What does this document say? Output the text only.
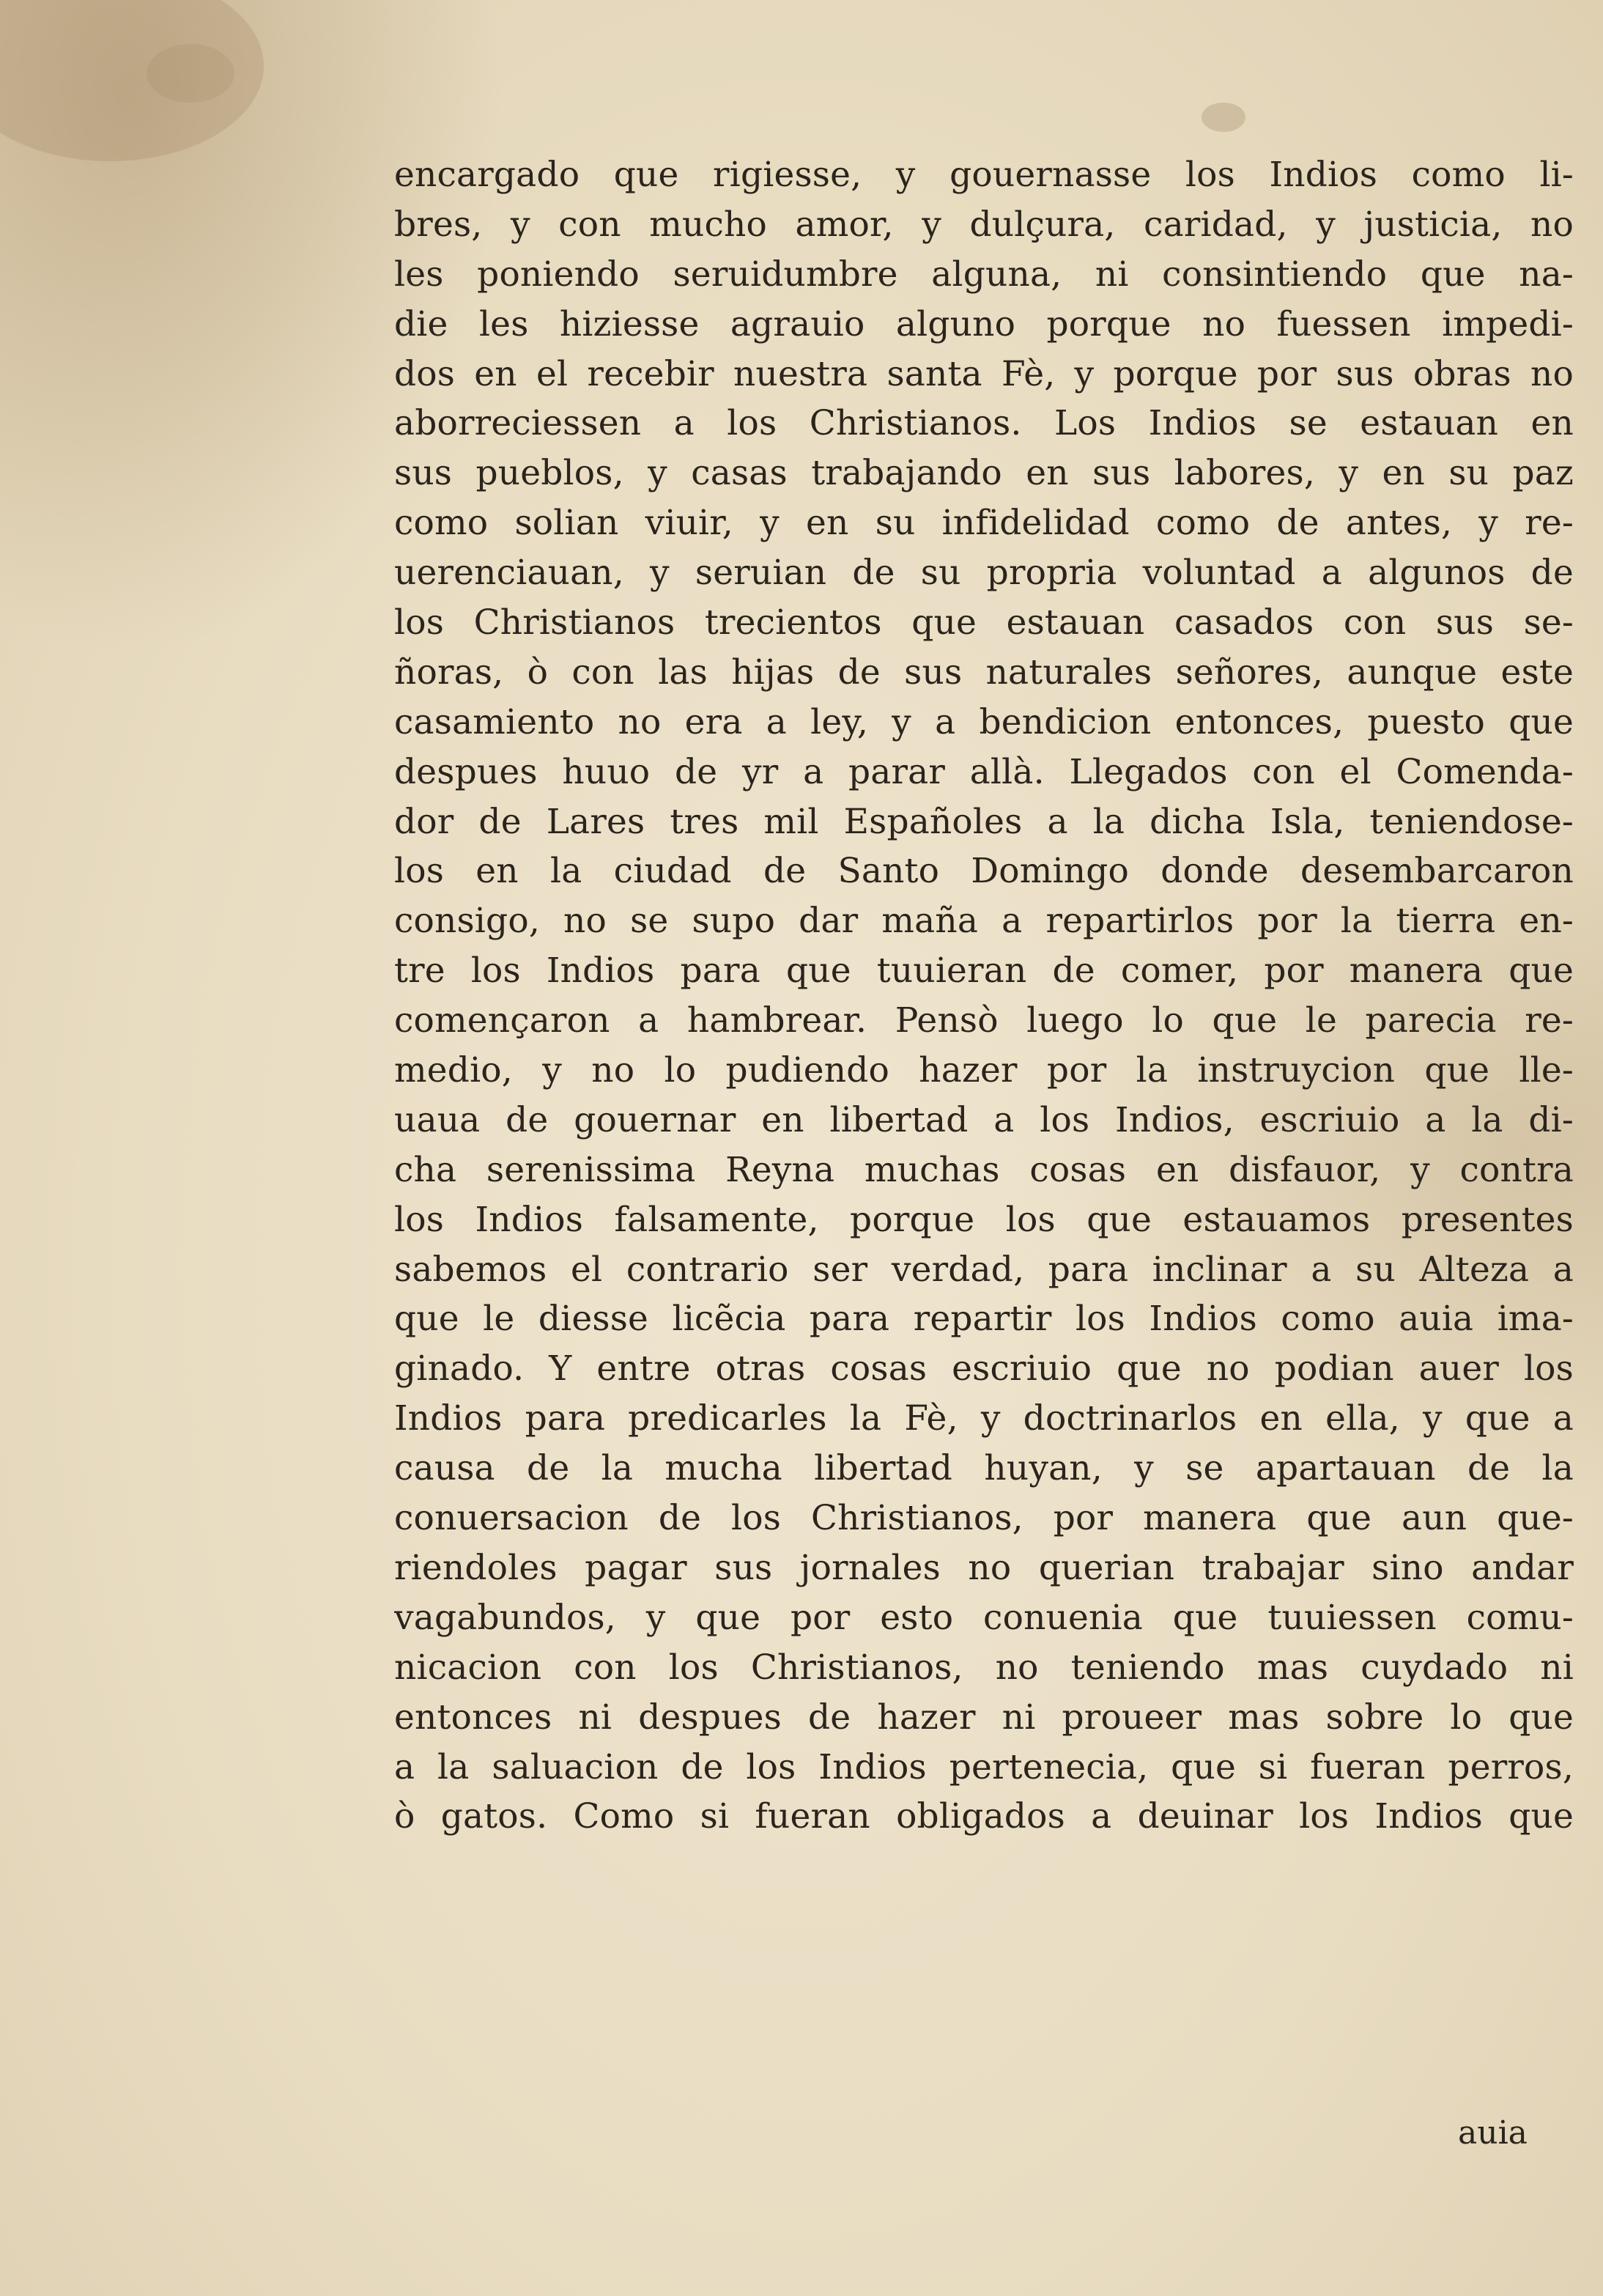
encargado que rigiesse, y gouernasse los Indios como li-
bres, y con mucho amor, y dulçura, caridad, y justicia, no
les poniendo seruidumbre alguna, ni consintiendo que na-
die les hiziesse agrauio alguno porque no fuessen impedi-
dos en el recebir nuestra santa Fè, y porque por sus obras no
aborreciessen a los Christianos. Los Indios se estauan en
sus pueblos, y casas trabajando en sus labores, y en su paz
como solian viuir, y en su infidelidad como de antes, y re-
uerenciauan, y seruian de su propria voluntad a algunos de
los Christianos trecientos que estauan casados con sus se-
ñoras, ò con las hijas de sus naturales señores, aunque este
casamiento no era a ley, y a bendicion entonces, puesto que
despues huuo de yr a parar allà. Llegados con el Comenda-
dor de Lares tres mil Españoles a la dicha Isla, teniendose-
los en la ciudad de Santo Domingo donde desembarcaron
consigo, no se supo dar maña a repartirlos por la tierra en-
tre los Indios para que tuuieran de comer, por manera que
començaron a hambrear. Pensò luego lo que le parecia re-
medio, y no lo pudiendo hazer por la instruycion que lle-
uaua de gouernar en libertad a los Indios, escriuio a la di-
cha serenissima Reyna muchas cosas en disfauor, y contra
los Indios falsamente, porque los que estauamos presentes
sabemos el contrario ser verdad, para inclinar a su Alteza a
que le diesse licẽcia para repartir los Indios como auia ima-
ginado. Y entre otras cosas escriuio que no podian auer los
Indios para predicarles la Fè, y doctrinarlos en ella, y que a
causa de la mucha libertad huyan, y se apartauan de la
conuersacion de los Christianos, por manera que aun que-
riendoles pagar sus jornales no querian trabajar sino andar
vagabundos, y que por esto conuenia que tuuiessen comu-
nicacion con los Christianos, no teniendo mas cuydado ni
entonces ni despues de hazer ni proueer mas sobre lo que
a la saluacion de los Indios pertenecia, que si fueran perros,
ò gatos. Como si fueran obligados a deuinar los Indios que
auia
